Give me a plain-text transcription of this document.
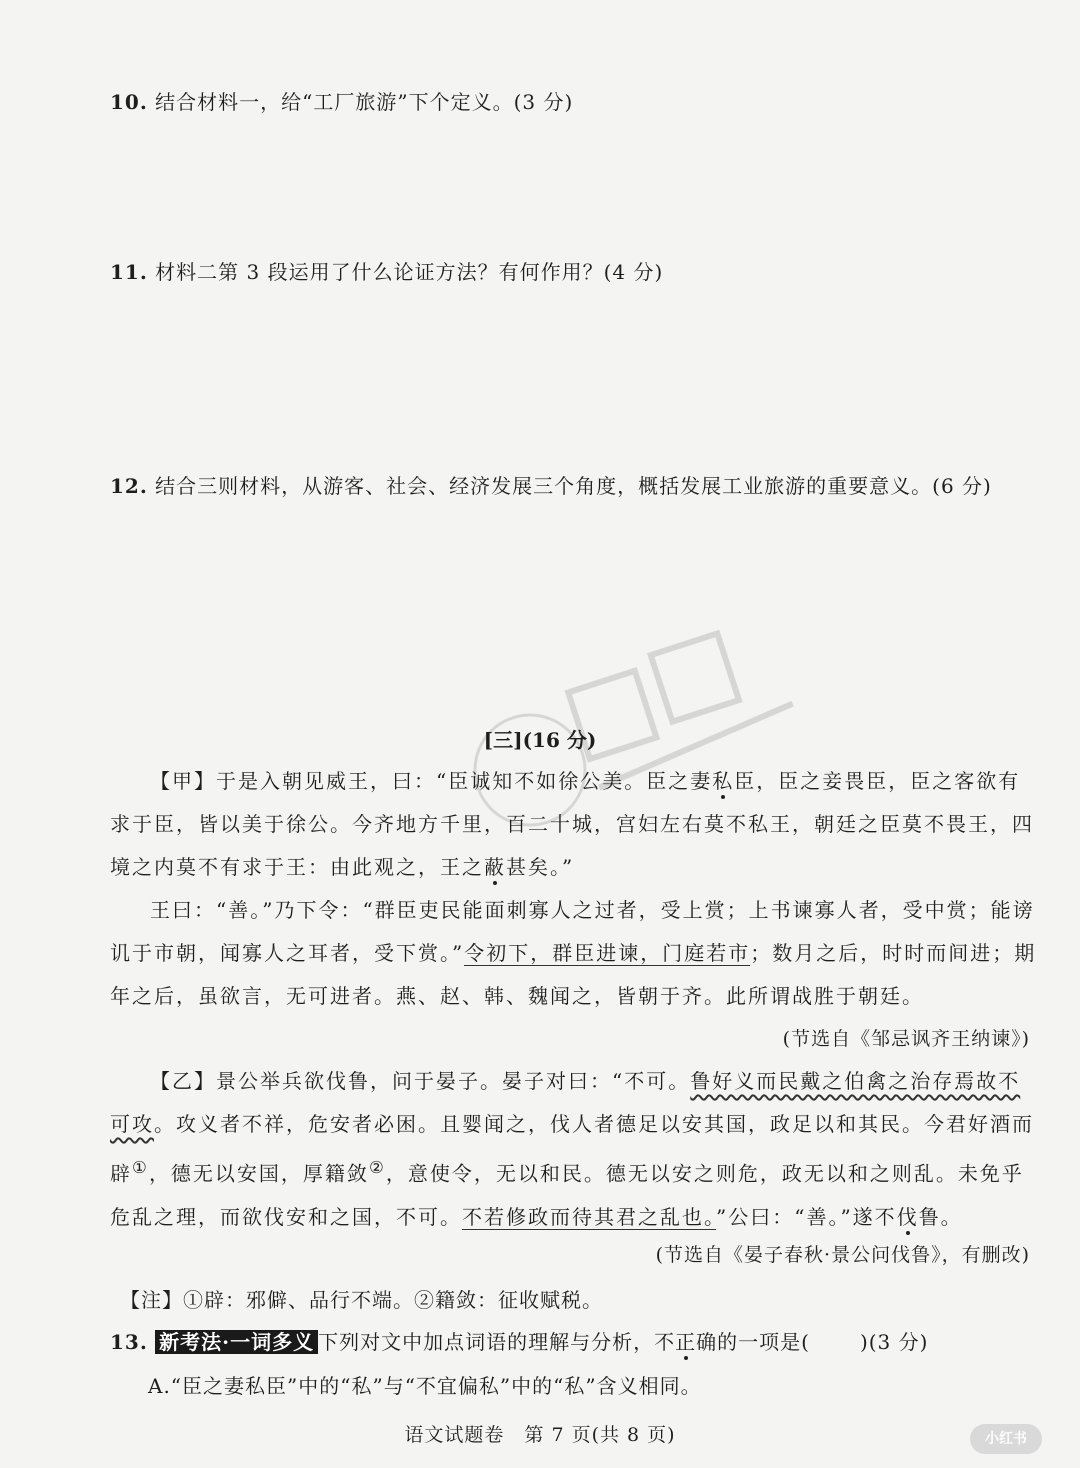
10. 结合材料一，给“工厂旅游”下个定义。(3 分)
11. 材料二第 3 段运用了什么论证方法？有何作用？(4 分)
12. 结合三则材料，从游客、社会、经济发展三个角度，概括发展工业旅游的重要意义。(6 分)
[三](16 分)
【甲】于是入朝见威王，曰：“臣诚知不如徐公美。臣之妻私臣，臣之妾畏臣，臣之客欲有求于臣，皆以美于徐公。今齐地方千里，百二十城，宫妇左右莫不私王，朝廷之臣莫不畏王，四境之内莫不有求于王：由此观之，王之蔽甚矣。”
王曰：“善。”乃下令：“群臣吏民能面刺寡人之过者，受上赏；上书谏寡人者，受中赏；能谤讥于市朝，闻寡人之耳者，受下赏。”令初下，群臣进谏，门庭若市；数月之后，时时而间进；期年之后，虽欲言，无可进者。燕、赵、韩、魏闻之，皆朝于齐。此所谓战胜于朝廷。
(节选自《邹忌讽齐王纳谏》)
【乙】景公举兵欲伐鲁，问于晏子。晏子对曰：“不可。鲁好义而民戴之伯禽之治存焉故不可攻。攻义者不祥，危安者必困。且婴闻之，伐人者德足以安其国，政足以和其民。今君好酒而辟①，德无以安国，厚籍敛②，意使令，无以和民。德无以安之则危，政无以和之则乱。未免乎危乱之理，而欲伐安和之国，不可。不若修政而待其君之乱也。”公曰：“善。”遂不伐鲁。
(节选自《晏子春秋·景公问伐鲁》，有删改)
【注】①辟：邪僻、品行不端。②籍敛：征收赋税。
13. 新考法·一词多义 下列对文中加点词语的理解与分析，不正确的一项是(	)(3 分)
A.“臣之妻私臣”中的“私”与“不宜偏私”中的“私”含义相同。
语文试题卷　第 7 页(共 8 页)	小红书
